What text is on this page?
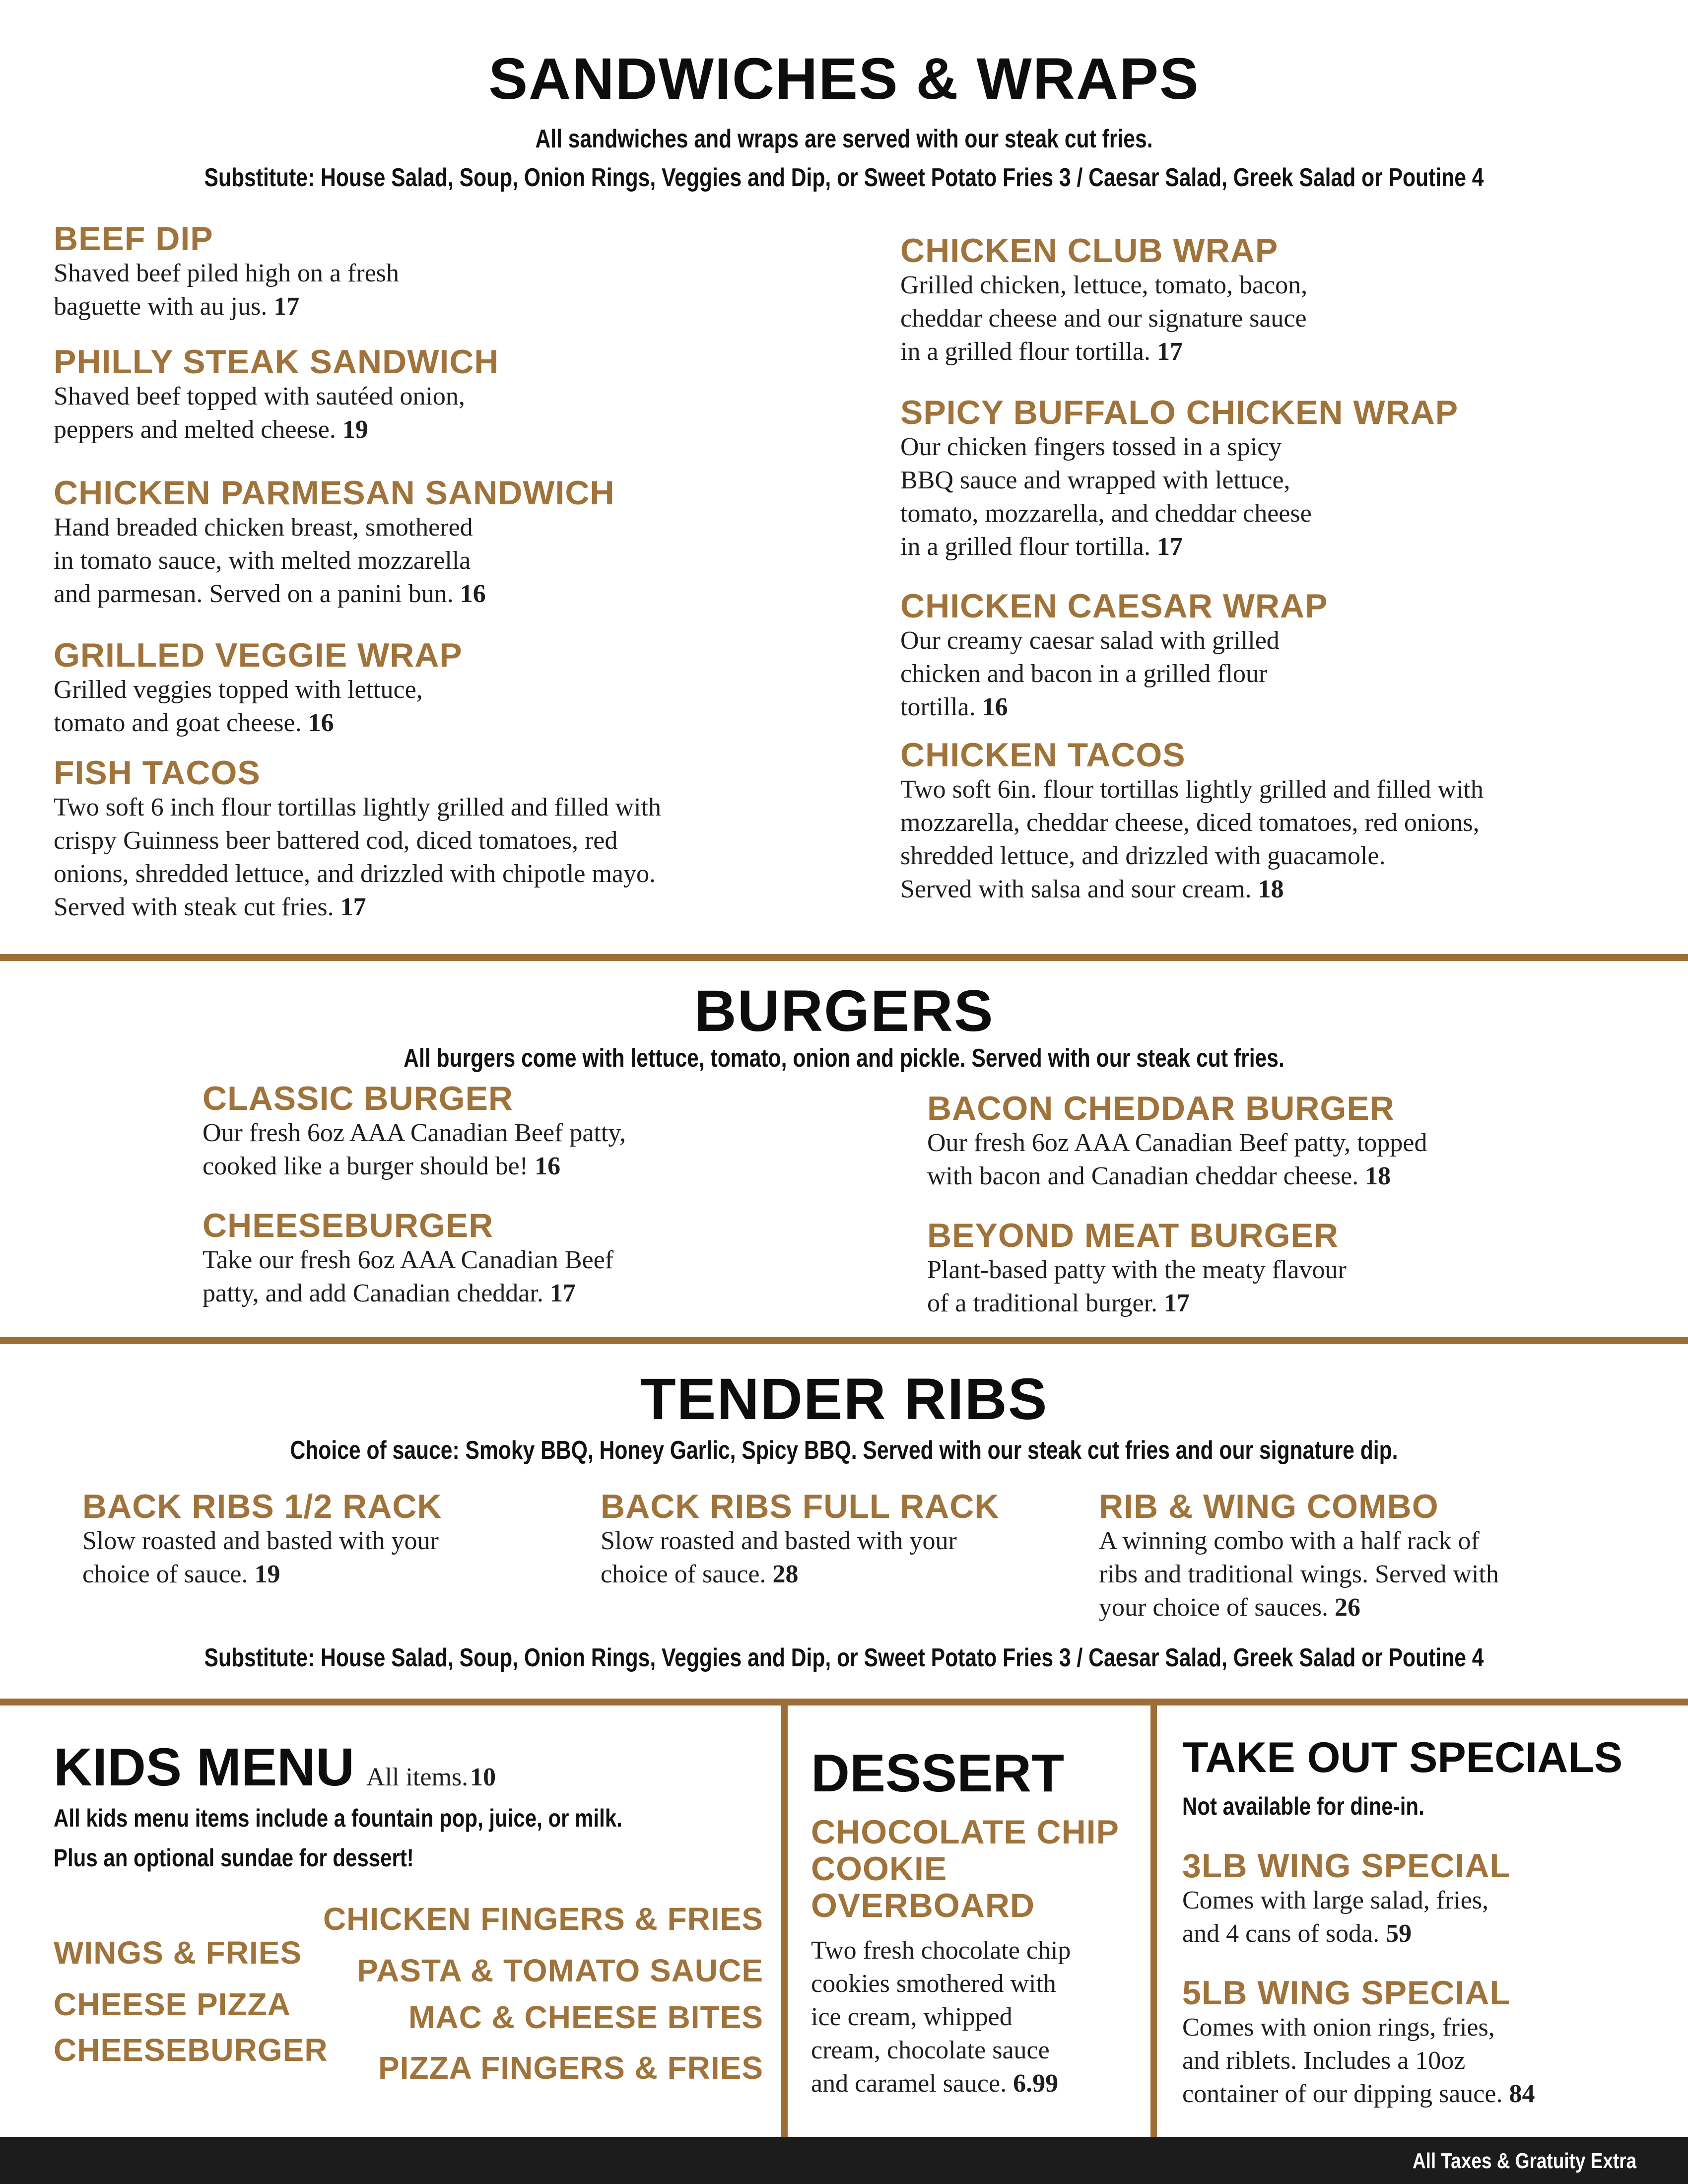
SANDWICHES & WRAPS
All sandwiches and wraps are served with our steak cut fries.
Substitute: House Salad, Soup, Onion Rings, Veggies and Dip, or Sweet Potato Fries 3 / Caesar Salad, Greek Salad or Poutine 4
BEEF DIP
Shaved beef piled high on a fresh
baguette with au jus. 17
PHILLY STEAK SANDWICH
Shaved beef topped with sautéed onion,
peppers and melted cheese. 19
CHICKEN PARMESAN SANDWICH
Hand breaded chicken breast, smothered
in tomato sauce, with melted mozzarella
and parmesan. Served on a panini bun. 16
GRILLED VEGGIE WRAP
Grilled veggies topped with lettuce,
tomato and goat cheese. 16
FISH TACOS
Two soft 6 inch flour tortillas lightly grilled and filled with
crispy Guinness beer battered cod, diced tomatoes, red
onions, shredded lettuce, and drizzled with chipotle mayo.
Served with steak cut fries. 17
CHICKEN CLUB WRAP
Grilled chicken, lettuce, tomato, bacon,
cheddar cheese and our signature sauce
in a grilled flour tortilla. 17
SPICY BUFFALO CHICKEN WRAP
Our chicken fingers tossed in a spicy
BBQ sauce and wrapped with lettuce,
tomato, mozzarella, and cheddar cheese
in a grilled flour tortilla. 17
CHICKEN CAESAR WRAP
Our creamy caesar salad with grilled
chicken and bacon in a grilled flour
tortilla. 16
CHICKEN TACOS
Two soft 6in. flour tortillas lightly grilled and filled with
mozzarella, cheddar cheese, diced tomatoes, red onions,
shredded lettuce, and drizzled with guacamole.
Served with salsa and sour cream. 18
BURGERS
All burgers come with lettuce, tomato, onion and pickle. Served with our steak cut fries.
CLASSIC BURGER
Our fresh 6oz AAA Canadian Beef patty,
cooked like a burger should be! 16
CHEESEBURGER
Take our fresh 6oz AAA Canadian Beef
patty, and add Canadian cheddar. 17
BACON CHEDDAR BURGER
Our fresh 6oz AAA Canadian Beef patty, topped
with bacon and Canadian cheddar cheese. 18
BEYOND MEAT BURGER
Plant-based patty with the meaty flavour
of a traditional burger. 17
TENDER RIBS
Choice of sauce: Smoky BBQ, Honey Garlic, Spicy BBQ. Served with our steak cut fries and our signature dip.
BACK RIBS 1/2 RACK
Slow roasted and basted with your
choice of sauce. 19
BACK RIBS FULL RACK
Slow roasted and basted with your
choice of sauce. 28
RIB & WING COMBO
A winning combo with a half rack of
ribs and traditional wings. Served with
your choice of sauces. 26
Substitute: House Salad, Soup, Onion Rings, Veggies and Dip, or Sweet Potato Fries 3 / Caesar Salad, Greek Salad or Poutine 4
KIDS MENU All items. 10
All kids menu items include a fountain pop, juice, or milk.
Plus an optional sundae for dessert!
WINGS & FRIES
CHEESE PIZZA
CHEESEBURGER
CHICKEN FINGERS & FRIES
PASTA & TOMATO SAUCE
MAC & CHEESE BITES
PIZZA FINGERS & FRIES
DESSERT
CHOCOLATE CHIP
COOKIE
OVERBOARD
Two fresh chocolate chip
cookies smothered with
ice cream, whipped
cream, chocolate sauce
and caramel sauce. 6.99
TAKE OUT SPECIALS
Not available for dine-in.
3LB WING SPECIAL
Comes with large salad, fries,
and 4 cans of soda. 59
5LB WING SPECIAL
Comes with onion rings, fries,
and riblets. Includes a 10oz
container of our dipping sauce. 84
All Taxes & Gratuity Extra
